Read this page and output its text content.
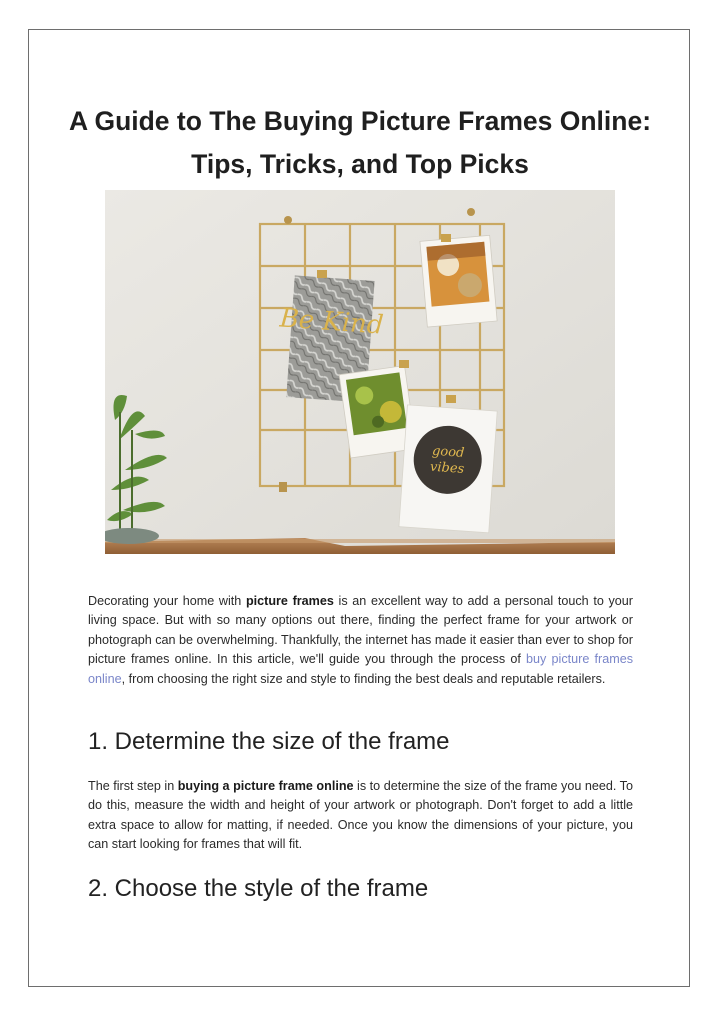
A Guide to The Buying Picture Frames Online: Tips, Tricks, and Top Picks
Be Kind
good
vibes

Decorating your home with picture frames is an excellent way to add a personal touch to your living space. But with so many options out there, finding the perfect frame for your artwork or photograph can be overwhelming. Thankfully, the internet has made it easier than ever to shop for picture frames online. In this article, we'll guide you through the process of buy picture frames online, from choosing the right size and style to finding the best deals and reputable retailers.

1. Determine the size of the frame

The first step in buying a picture frame online is to determine the size of the frame you need. To do this, measure the width and height of your artwork or photograph. Don't forget to add a little extra space to allow for matting, if needed. Once you know the dimensions of your picture, you can start looking for frames that will fit.

2. Choose the style of the frame
